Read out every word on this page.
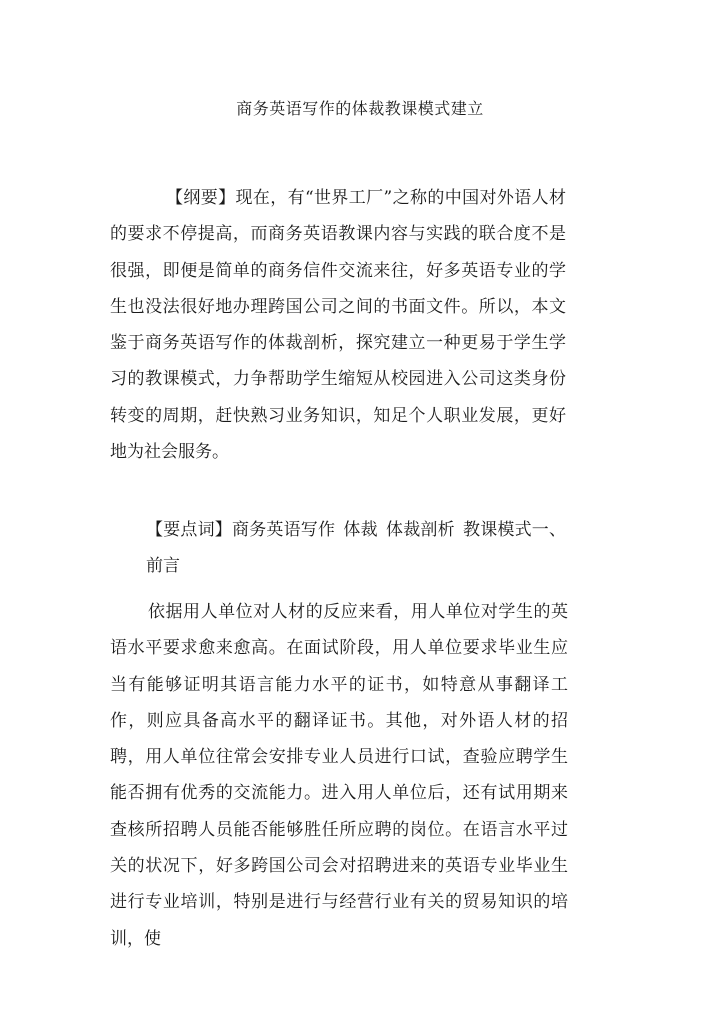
商务英语写作的体裁教课模式建立
【纲要】现在，有“世界工厂”之称的中国对外语人材的要求不停提高，而商务英语教课内容与实践的联合度不是很强，即便是简单的商务信件交流来往，好多英语专业的学生也没法很好地办理跨国公司之间的书面文件。所以，本文鉴于商务英语写作的体裁剖析，探究建立一种更易于学生学习的教课模式，力争帮助学生缩短从校园进入公司这类身份转变的周期，赶快熟习业务知识，知足个人职业发展，更好地为社会服务。
【要点词】商务英语写作 体裁 体裁剖析 教课模式一、前言
依据用人单位对人材的反应来看，用人单位对学生的英语水平要求愈来愈高。在面试阶段，用人单位要求毕业生应当有能够证明其语言能力水平的证书，如特意从事翻译工作，则应具备高水平的翻译证书。其他，对外语人材的招聘，用人单位往常会安排专业人员进行口试，查验应聘学生能否拥有优秀的交流能力。进入用人单位后，还有试用期来查核所招聘人员能否能够胜任所应聘的岗位。在语言水平过关的状况下，好多跨国公司会对招聘进来的英语专业毕业生进行专业培训，特别是进行与经营行业有关的贸易知识的培训，使
